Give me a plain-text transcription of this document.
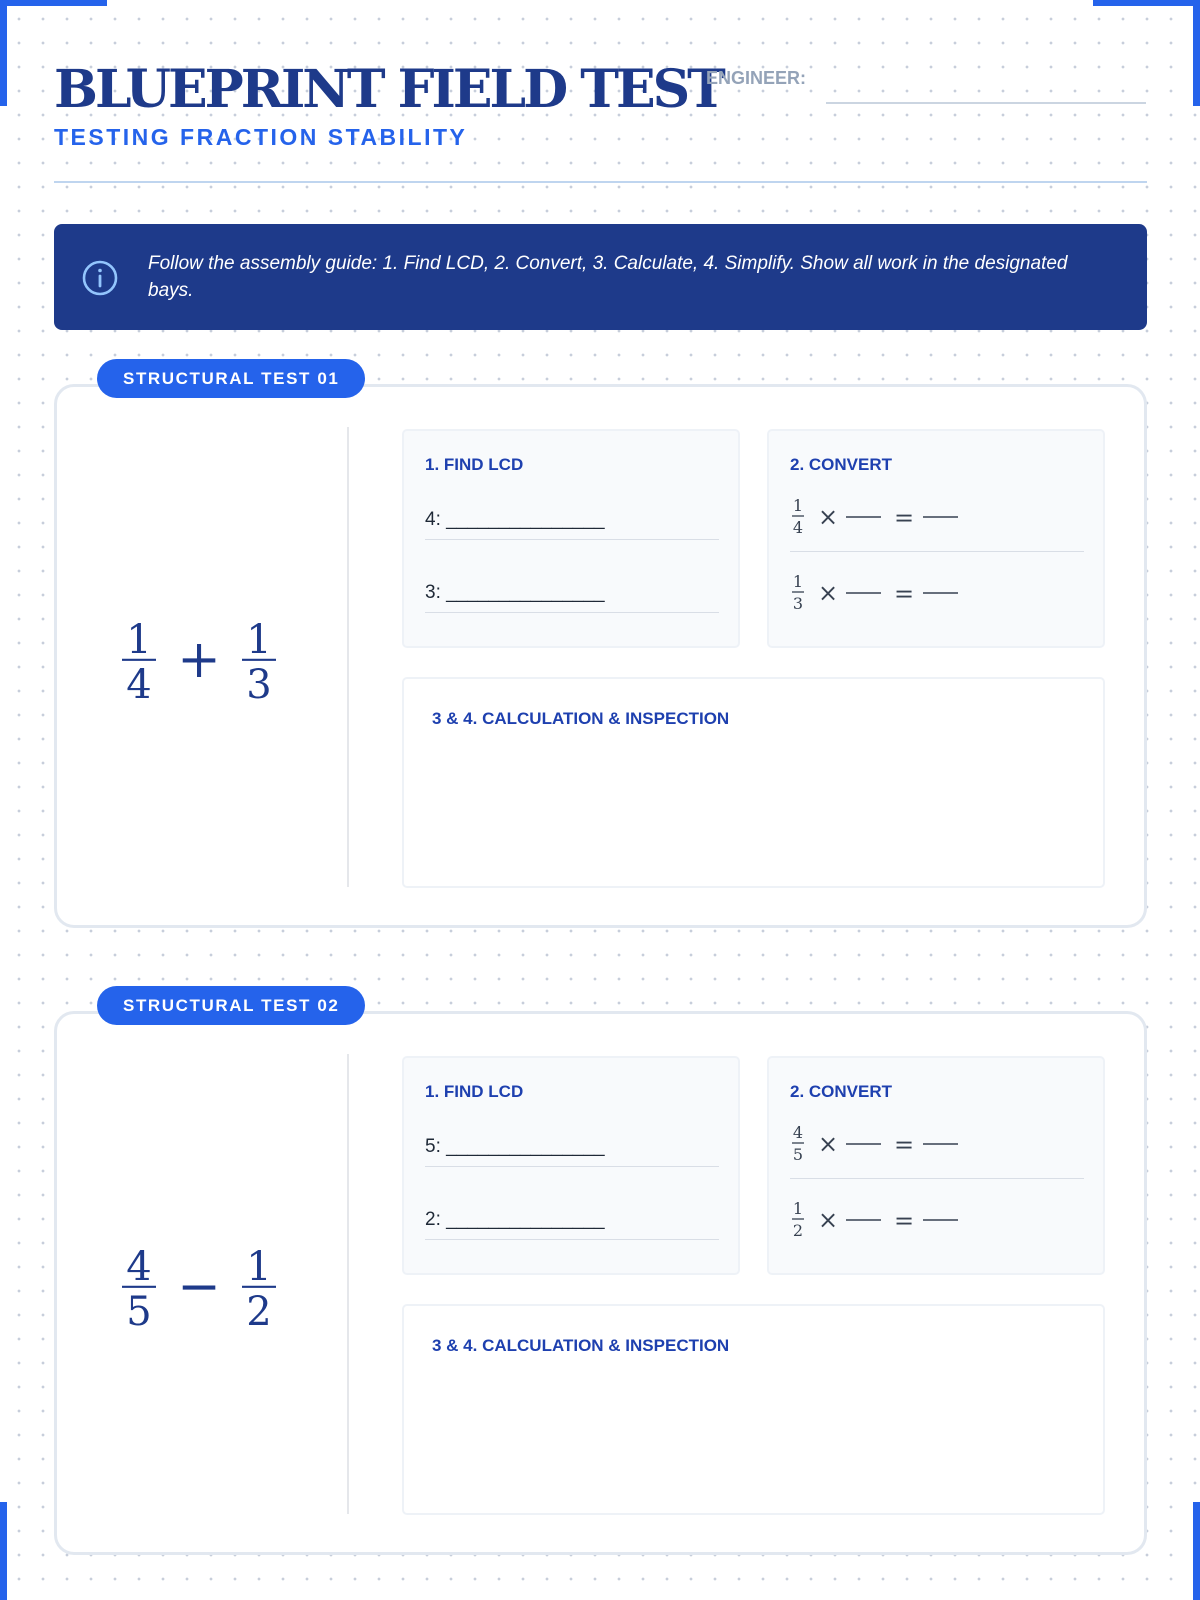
BLUEPRINT FIELD TEST
TESTING FRACTION STABILITY
ENGINEER:
Follow the assembly guide: 1. Find LCD, 2. Convert, 3. Calculate, 4. Simplify. Show all work in the designated bays.
STRUCTURAL TEST 01
1
4 + 1
3
1. FIND LCD
4: _______________
3: _______________
2. CONVERT
1
4 × =
1
3 × =
3 & 4. CALCULATION & INSPECTION
STRUCTURAL TEST 02
4
5 − 1
2
1. FIND LCD
5: _______________
2: _______________
2. CONVERT
4
5 × =
1
2 × =
3 & 4. CALCULATION & INSPECTION
